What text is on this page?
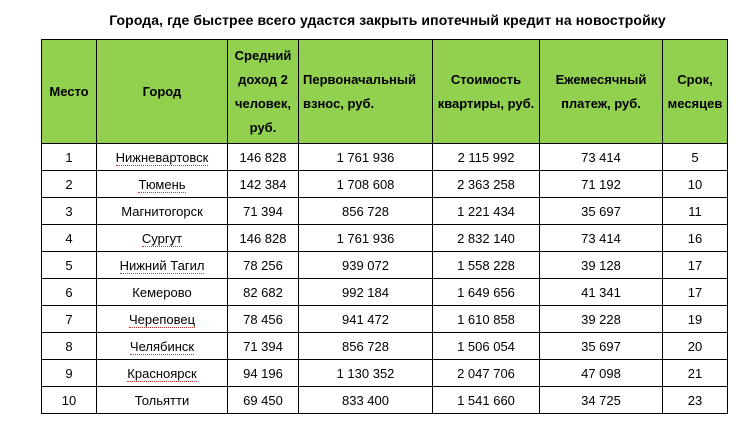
Города, где быстрее всего удастся закрыть ипотечный кредит на новостройку
Место	Город	Средний доход 2 человек, руб.	Первоначальный взнос, руб.	Стоимость квартиры, руб.	Ежемесячный платеж, руб.	Срок, месяцев
1	Нижневартовск	146 828	1 761 936	2 115 992	73 414	5
2	Тюмень	142 384	1 708 608	2 363 258	71 192	10
3	Магнитогорск	71 394	856 728	1 221 434	35 697	11
4	Сургут	146 828	1 761 936	2 832 140	73 414	16
5	Нижний Тагил	78 256	939 072	1 558 228	39 128	17
6	Кемерово	82 682	992 184	1 649 656	41 341	17
7	Череповец	78 456	941 472	1 610 858	39 228	19
8	Челябинск	71 394	856 728	1 506 054	35 697	20
9	Красноярск	94 196	1 130 352	2 047 706	47 098	21
10	Тольятти	69 450	833 400	1 541 660	34 725	23
